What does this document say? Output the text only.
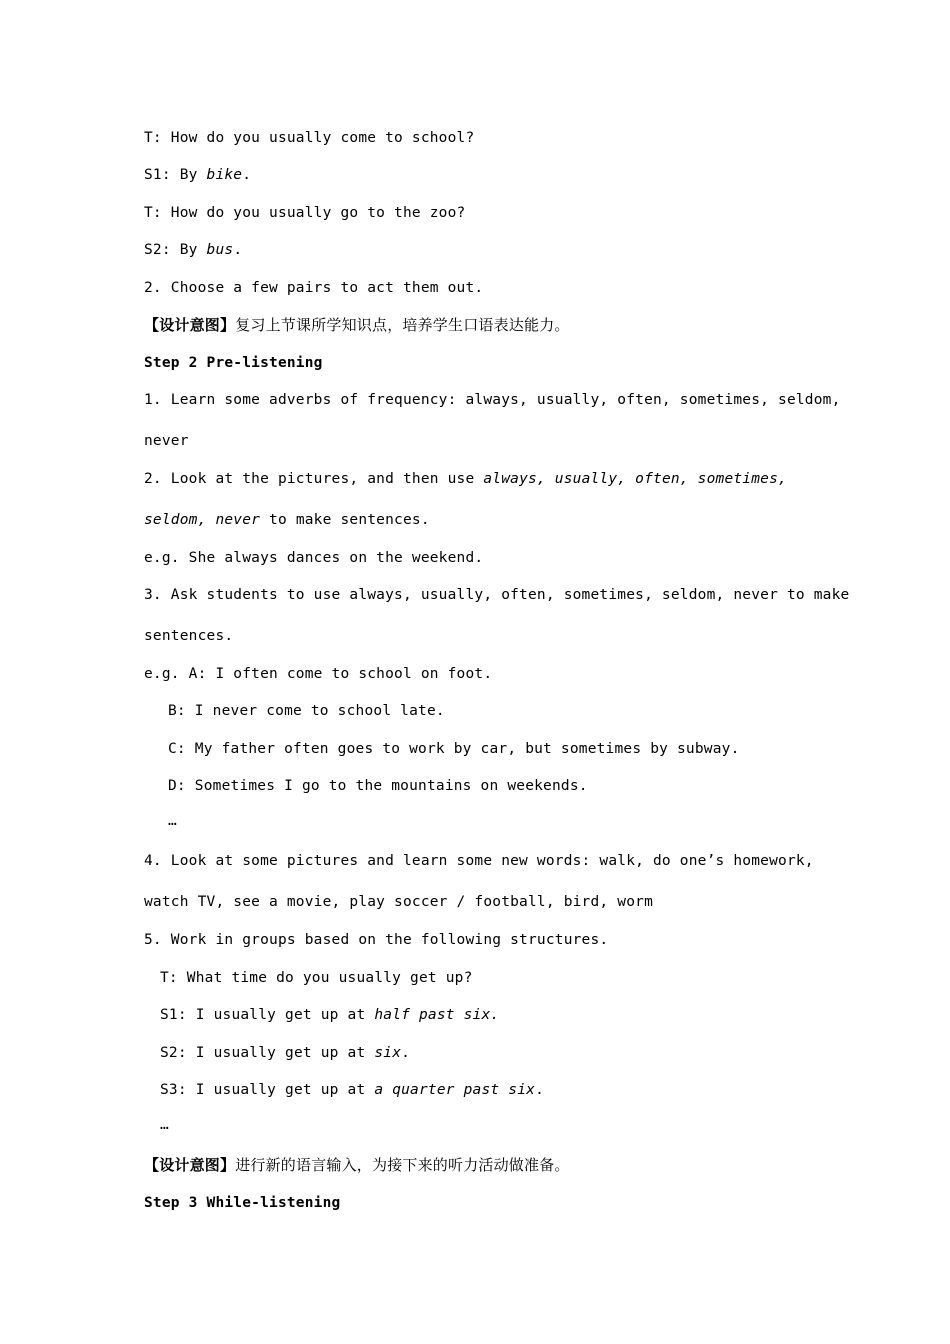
T: How do you usually come to school?
S1: By bike.
T: How do you usually go to the zoo?
S2: By bus.
2. Choose a few pairs to act them out.
【设计意图】复习上节课所学知识点，培养学生口语表达能力。
Step 2 Pre-listening
1. Learn some adverbs of frequency: always, usually, often, sometimes, seldom,
never
2. Look at the pictures, and then use always, usually, often, sometimes,
seldom, never to make sentences.
e.g. She always dances on the weekend.
3. Ask students to use always, usually, often, sometimes, seldom, never to make
sentences.
e.g. A: I often come to school on foot.
B: I never come to school late.
C: My father often goes to work by car, but sometimes by subway.
D: Sometimes I go to the mountains on weekends.
…
4. Look at some pictures and learn some new words: walk, do one’s homework,
watch TV, see a movie, play soccer / football, bird, worm
5. Work in groups based on the following structures.
T: What time do you usually get up?
S1: I usually get up at half past six.
S2: I usually get up at six.
S3: I usually get up at a quarter past six.
…
【设计意图】进行新的语言输入，为接下来的听力活动做准备。
Step 3 While-listening
